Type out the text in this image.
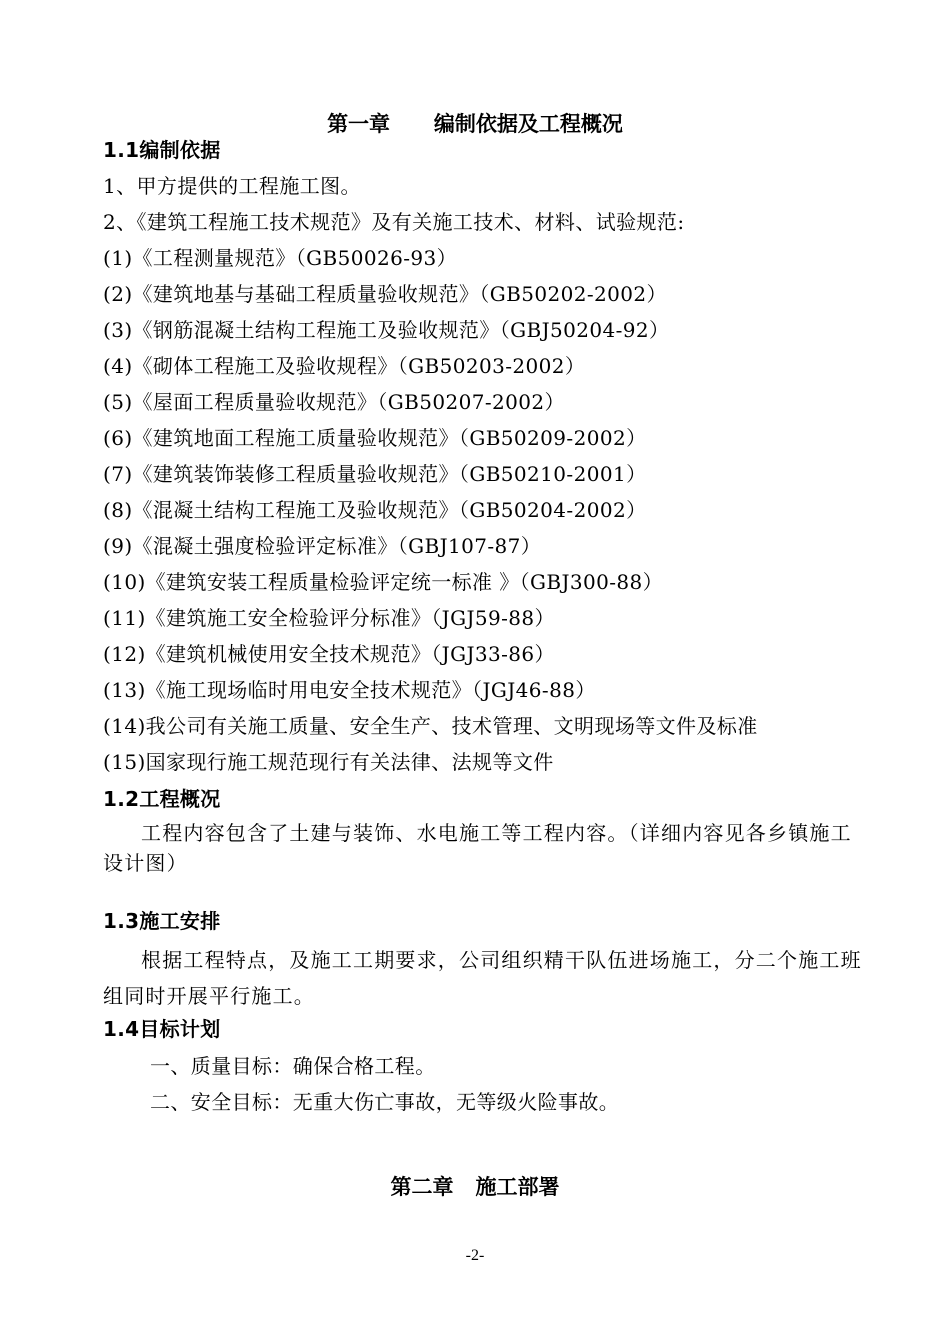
第一章      编制依据及工程概况
1.1编制依据
1、甲方提供的工程施工图。
2、《建筑工程施工技术规范》及有关施工技术、材料、试验规范:
(1)《工程测量规范》（GB50026-93）
(2)《建筑地基与基础工程质量验收规范》（GB50202-2002）
(3)《钢筋混凝土结构工程施工及验收规范》（GBJ50204-92）
(4)《砌体工程施工及验收规程》（GB50203-2002）
(5)《屋面工程质量验收规范》（GB50207-2002）
(6)《建筑地面工程施工质量验收规范》（GB50209-2002）
(7)《建筑装饰装修工程质量验收规范》（GB50210-2001）
(8)《混凝土结构工程施工及验收规范》（GB50204-2002）
(9)《混凝土强度检验评定标准》（GBJ107-87）
(10)《建筑安装工程质量检验评定统一标准 》（GBJ300-88）
(11)《建筑施工安全检验评分标准》（JGJ59-88）
(12)《建筑机械使用安全技术规范》（JGJ33-86）
(13)《施工现场临时用电安全技术规范》（JGJ46-88）
(14)我公司有关施工质量、安全生产、技术管理、文明现场等文件及标准
(15)国家现行施工规范现行有关法律、法规等文件
1.2工程概况
工程内容包含了土建与装饰、水电施工等工程内容。（详细内容见各乡镇施工设计图）
1.3施工安排
根据工程特点，及施工工期要求，公司组织精干队伍进场施工，分二个施工班组同时开展平行施工。
1.4目标计划
一、质量目标：确保合格工程。
二、安全目标：无重大伤亡事故，无等级火险事故。
第二章   施工部署
-2-
